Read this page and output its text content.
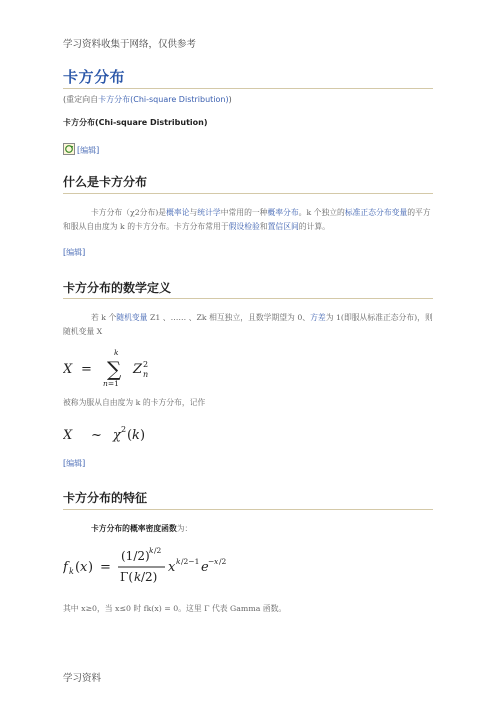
学习资料收集于网络，仅供参考
卡方分布
(重定向自卡方分布(Chi-square Distribution))
卡方分布(Chi-square Distribution)
[编辑]
什么是卡方分布
卡方分布（χ2分布)是概率论与统计学中常用的一种概率分布。k 个独立的标准正态分布变量的平方和服从自由度为 k 的卡方分布。卡方分布常用于假设检验和置信区间的计算。
[编辑]
卡方分布的数学定义
若 k 个随机变量 Z1 、…… 、Zk 相互独立，且数学期望为 0、方差为 1(即服从标准正态分布)，则随机变量 X
X =
k
∑
n=1
Z 2
n
被称为服从自由度为 k 的卡方分布，记作
X ~ χ 2 ( k )
[编辑]
卡方分布的特征
卡方分布的概率密度函数为：
f k ( x ) =
(1/2) k /2
Γ( k /2)
x k /2−1 e − x /2
其中 x≥0，当 x≤0 时 fk(x) = 0。这里 Γ 代表 Gamma 函数。
学习资料
